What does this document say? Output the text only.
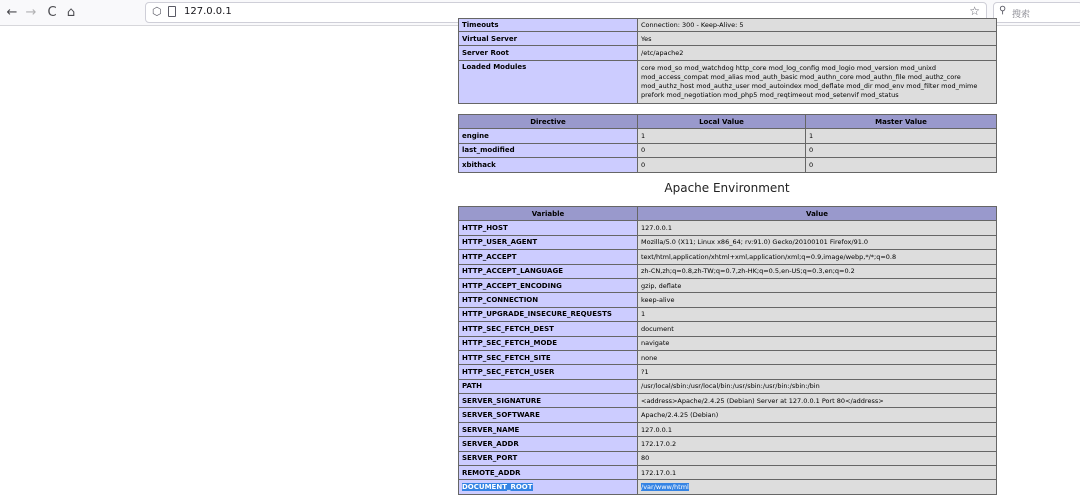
← → C ⌂	⬡ 127.0.0.1	☆ ⚲ 搜索
Timeouts	Connection: 300 - Keep-Alive: 5
Virtual Server	Yes
Server Root	/etc/apache2
Loaded Modules	core mod_so mod_watchdog http_core mod_log_config mod_logio mod_version mod_unixd mod_access_compat mod_alias mod_auth_basic mod_authn_core mod_authn_file mod_authz_core mod_authz_host mod_authz_user mod_autoindex mod_deflate mod_dir mod_env mod_filter mod_mime prefork mod_negotiation mod_php5 mod_reqtimeout mod_setenvif mod_status
Directive	Local Value	Master Value
engine	1	1
last_modified	0	0
xbithack	0	0
Apache Environment
Variable	Value
HTTP_HOST	127.0.0.1
HTTP_USER_AGENT	Mozilla/5.0 (X11; Linux x86_64; rv:91.0) Gecko/20100101 Firefox/91.0
HTTP_ACCEPT	text/html,application/xhtml+xml,application/xml;q=0.9,image/webp,*/*;q=0.8
HTTP_ACCEPT_LANGUAGE	zh-CN,zh;q=0.8,zh-TW;q=0.7,zh-HK;q=0.5,en-US;q=0.3,en;q=0.2
HTTP_ACCEPT_ENCODING	gzip, deflate
HTTP_CONNECTION	keep-alive
HTTP_UPGRADE_INSECURE_REQUESTS	1
HTTP_SEC_FETCH_DEST	document
HTTP_SEC_FETCH_MODE	navigate
HTTP_SEC_FETCH_SITE	none
HTTP_SEC_FETCH_USER	?1
PATH	/usr/local/sbin:/usr/local/bin:/usr/sbin:/usr/bin:/sbin:/bin
SERVER_SIGNATURE	<address>Apache/2.4.25 (Debian) Server at 127.0.0.1 Port 80</address>
SERVER_SOFTWARE	Apache/2.4.25 (Debian)
SERVER_NAME	127.0.0.1
SERVER_ADDR	172.17.0.2
SERVER_PORT	80
REMOTE_ADDR	172.17.0.1
DOCUMENT_ROOT	/var/www/html
